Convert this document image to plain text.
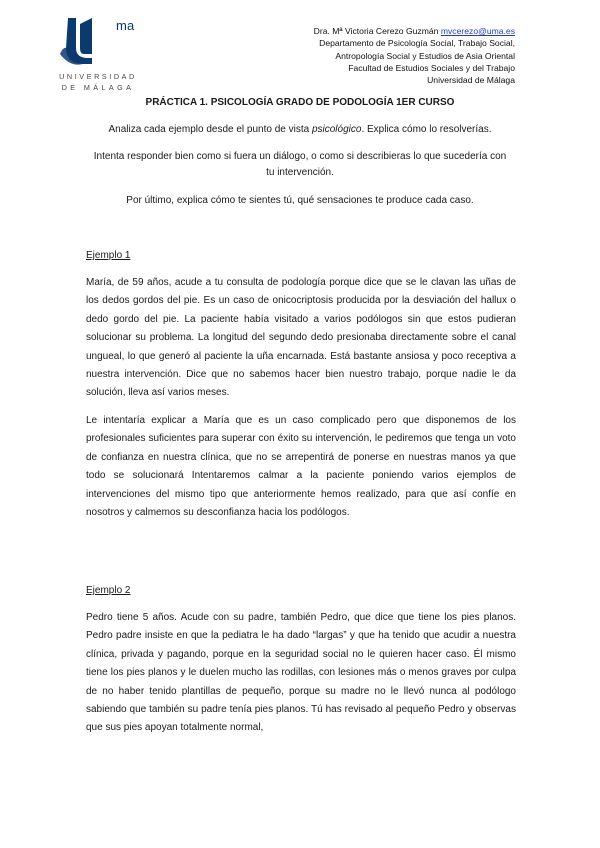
ma
UNIVERSIDAD
DE MÁLAGA
Dra. Mª Victoria Cerezo Guzmán mvcerezo@uma.es
Departamento de Psicología Social, Trabajo Social,
Antropología Social y Estudios de Asia Oriental
Facultad de Estudios Sociales y del Trabajo
Universidad de Málaga
PRÁCTICA 1. PSICOLOGÍA GRADO DE PODOLOGÍA 1ER CURSO
Analiza cada ejemplo desde el punto de vista psicológico. Explica cómo lo resolverías.
Intenta responder bien como si fuera un diálogo, o como si describieras lo que sucedería con tu intervención.
Por último, explica cómo te sientes tú, qué sensaciones te produce cada caso.
Ejemplo 1
María, de 59 años, acude a tu consulta de podología porque dice que se le clavan las uñas de los dedos gordos del pie. Es un caso de onicocriptosis producida por la desviación del hallux o dedo gordo del pie. La paciente había visitado a varios podólogos sin que estos pudieran solucionar su problema. La longitud del segundo dedo presionaba directamente sobre el canal ungueal, lo que generó al paciente la uña encarnada. Está bastante ansiosa y poco receptiva a nuestra intervención. Dice que no sabemos hacer bien nuestro trabajo, porque nadie le da solución, lleva así varios meses.
Le intentaría explicar a María que es un caso complicado pero que disponemos de los profesionales suficientes para superar con éxito su intervención, le pediremos que tenga un voto de confianza en nuestra clínica, que no se arrepentirá de ponerse en nuestras manos ya que todo se solucionará Intentaremos calmar a la paciente poniendo varios ejemplos de intervenciones del mismo tipo que anteriormente hemos realizado, para que así confíe en nosotros y calmemos su desconfianza hacia los podólogos.
Ejemplo 2
Pedro tiene 5 años. Acude con su padre, también Pedro, que dice que tiene los pies planos. Pedro padre insiste en que la pediatra le ha dado “largas” y que ha tenido que acudir a nuestra clínica, privada y pagando, porque en la seguridad social no le quieren hacer caso. Él mismo tiene los pies planos y le duelen mucho las rodillas, con lesiones más o menos graves por culpa de no haber tenido plantillas de pequeño, porque su madre no le llevó nunca al podólogo sabiendo que también su padre tenía pies planos. Tú has revisado al pequeño Pedro y observas que sus pies apoyan totalmente normal,
